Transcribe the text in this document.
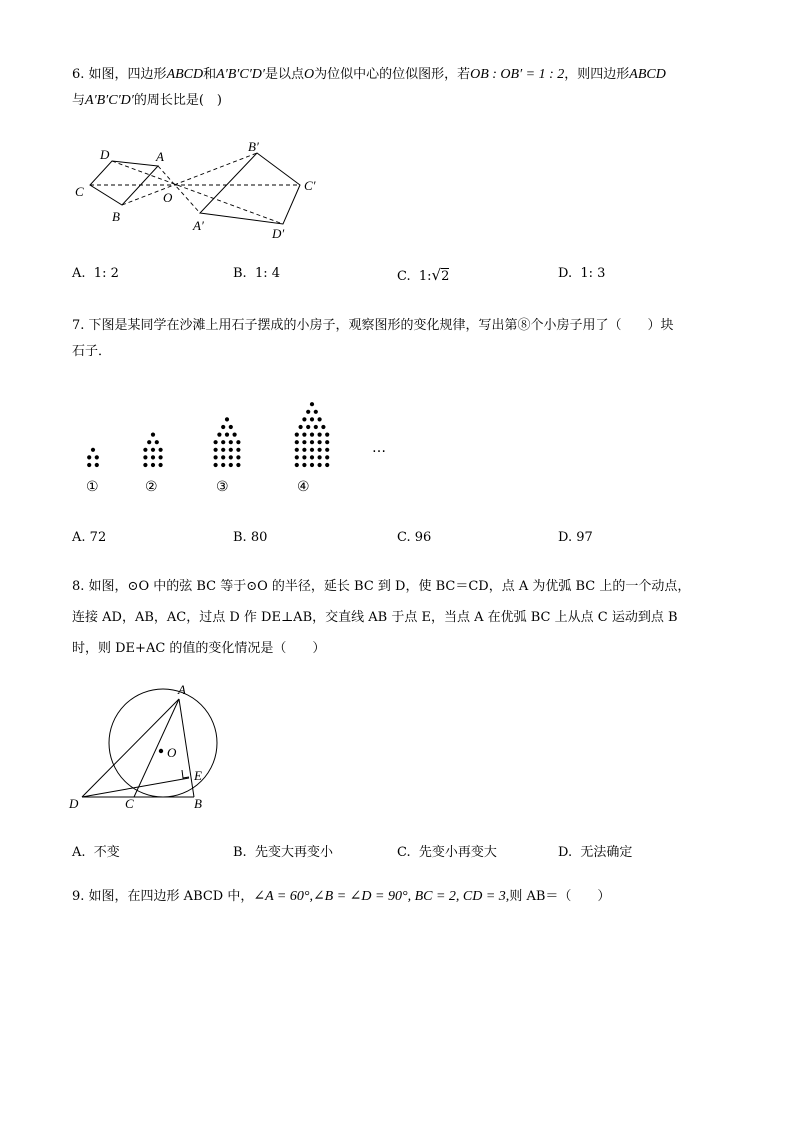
6. 如图，四边形ABCD和A′B′C′D′是以点O为位似中心的位似图形，若OB : OB′ = 1 : 2，则四边形ABCD
与A′B′C′D′的周长比是(　)
D	A
C
B
O
B′
C′
A′
D′
A. 1: 2	B. 1: 4	C. 1:√2	D. 1: 3
7. 下图是某同学在沙滩上用石子摆成的小房子，观察图形的变化规律，写出第⑧个小房子用了（　　）块
石子．
…
①	②	③	④
A. 72	B. 80	C. 96	D. 97
8. 如图，⊙O 中的弦 BC 等于⊙O 的半径，延长 BC 到 D，使 BC＝CD，点 A 为优弧 BC 上的一个动点，
连接 AD，AB，AC，过点 D 作 DE⊥AB，交直线 AB 于点 E，当点 A 在优弧 BC 上从点 C 运动到点 B
时，则 DE+AC 的值的变化情况是（　　）
A
O
E
D	C	B
A. 不变	B. 先变大再变小	C. 先变小再变大	D. 无法确定
9. 如图，在四边形 ABCD 中，∠A = 60°,∠B = ∠D = 90°, BC = 2, CD = 3,则 AB＝（　　）
